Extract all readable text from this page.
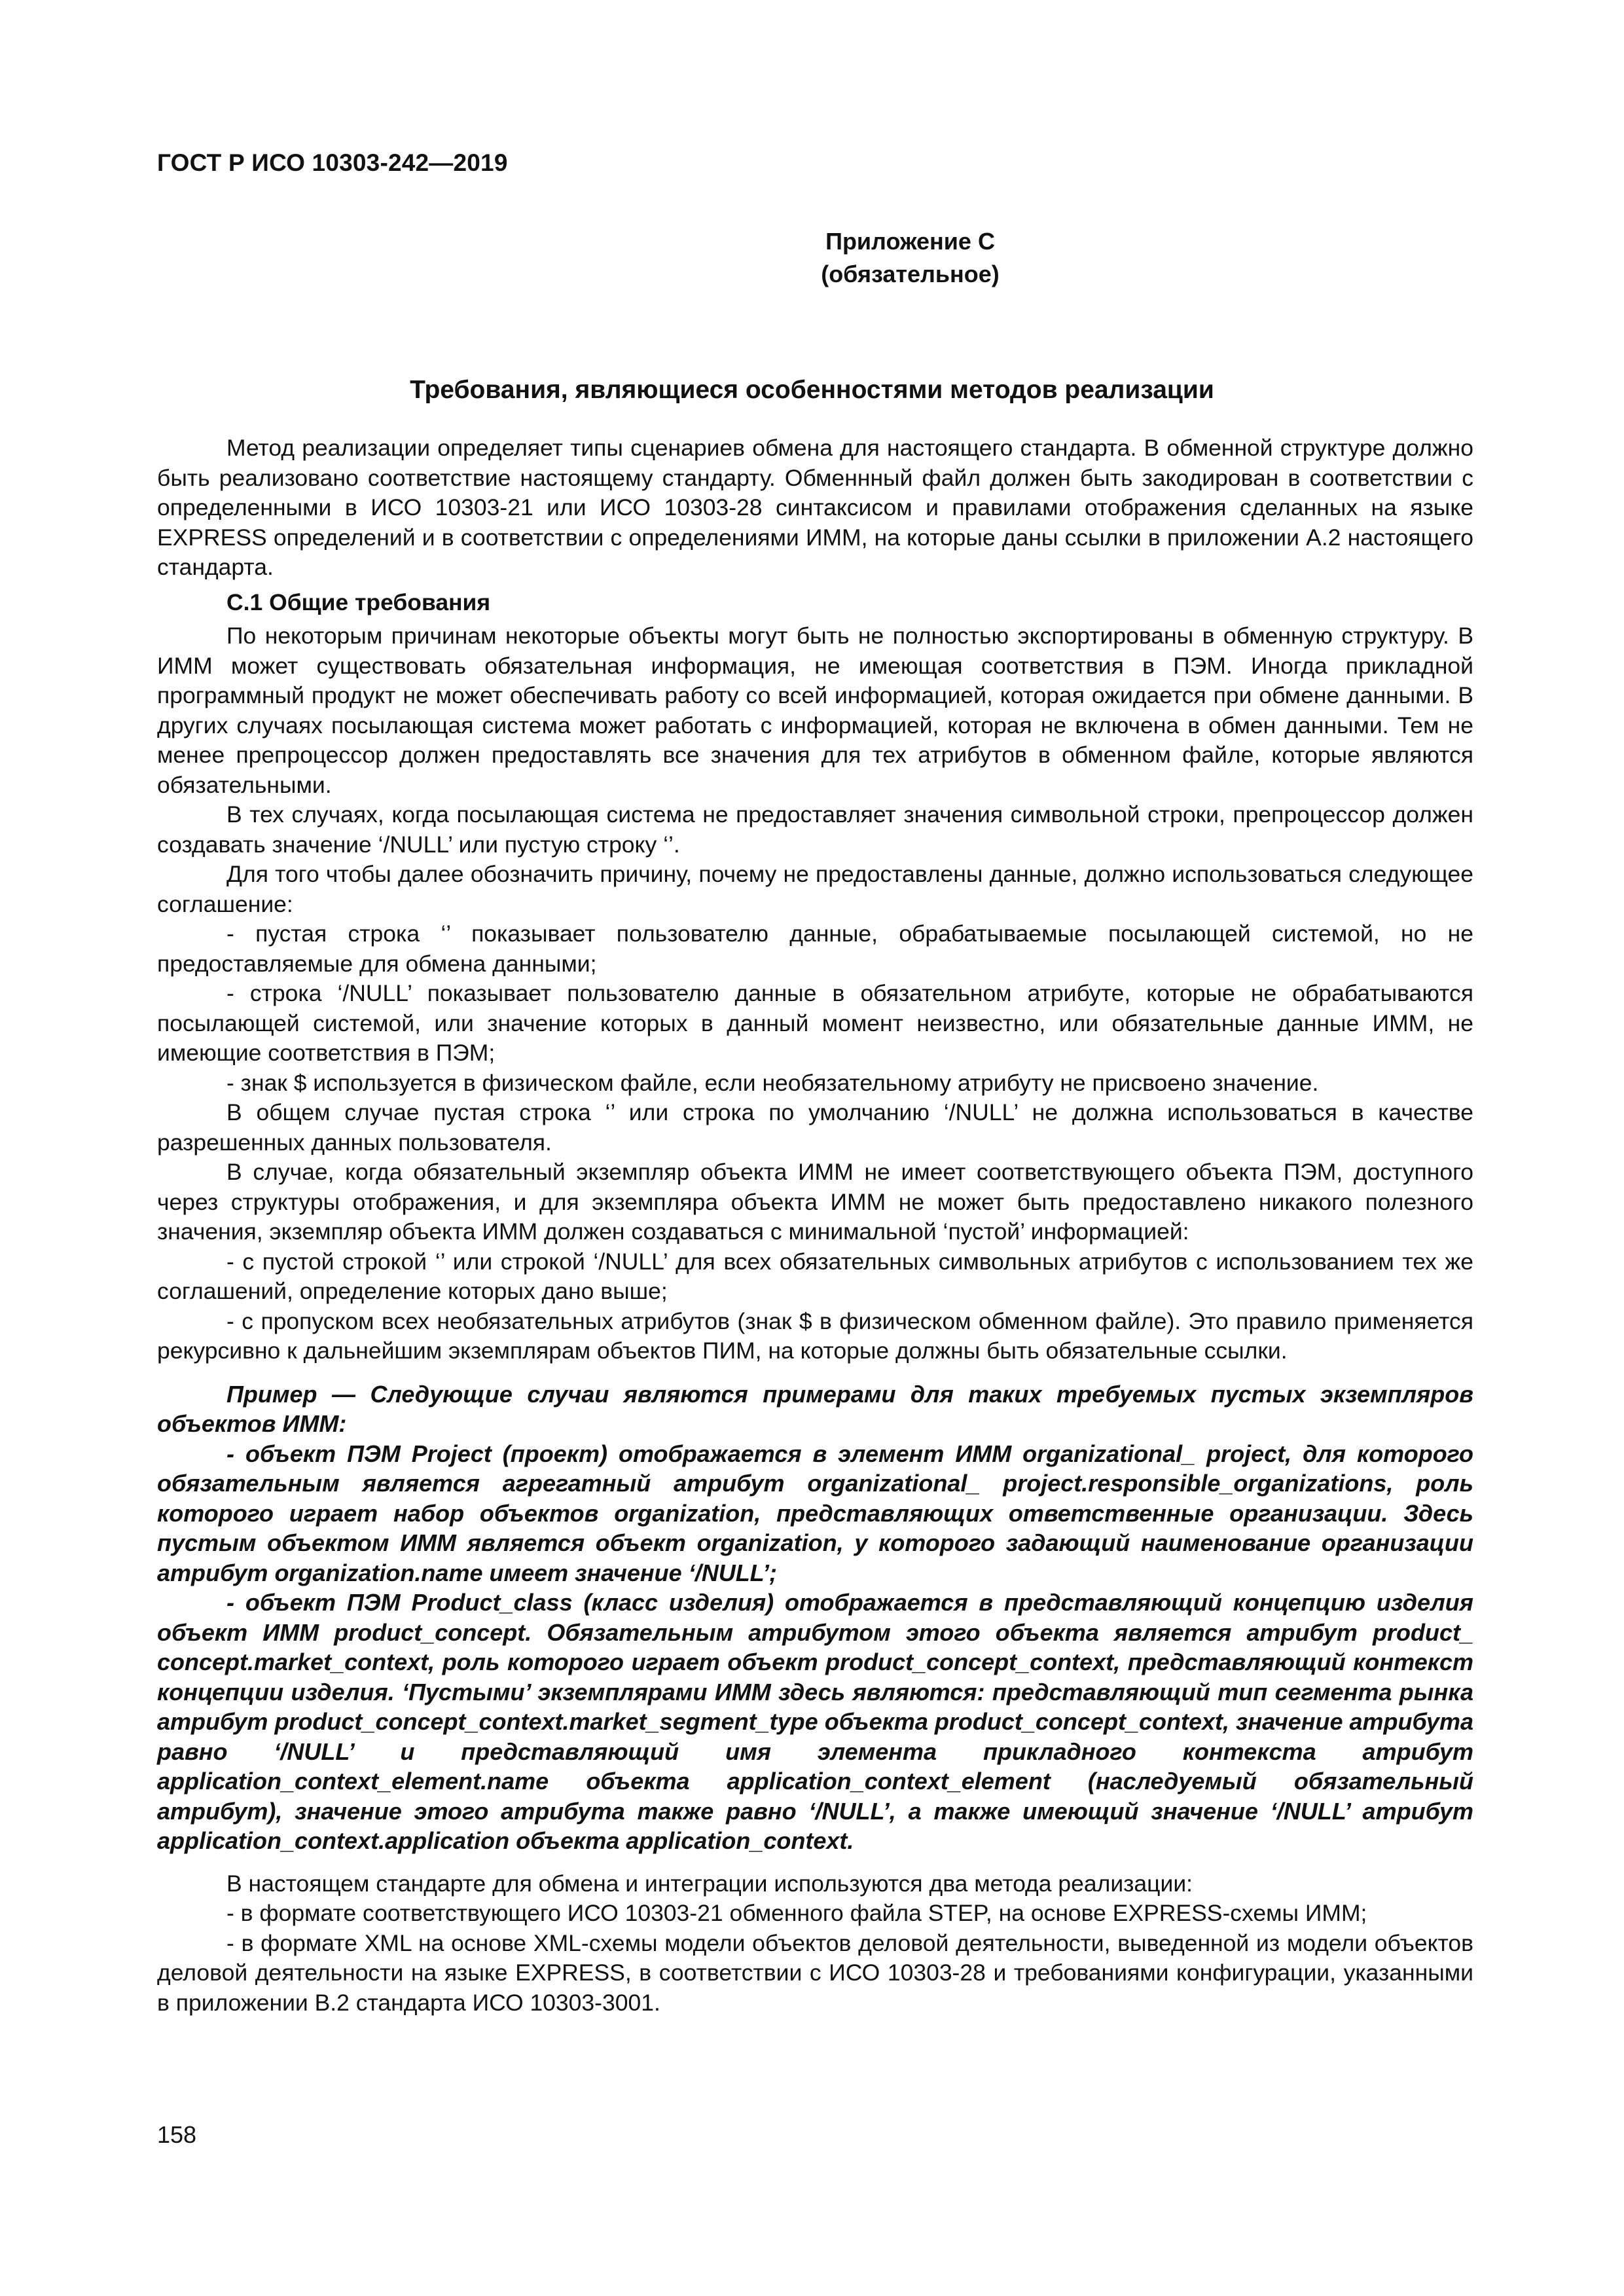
ГОСТ Р ИСО 10303-242—2019
Приложение С
(обязательное)
Требования, являющиеся особенностями методов реализации

Метод реализации определяет типы сценариев обмена для настоящего стандарта. В обменной структуре должно быть реализовано соответствие настоящему стандарту. Обменнный файл должен быть закодирован в соответствии с определенными в ИСО 10303-21 или ИСО 10303-28 синтаксисом и правилами отображения сделанных на языке EXPRESS определений и в соответствии с определениями ИММ, на которые даны ссылки в приложении А.2 настоящего стандарта.

С.1 Общие требования

По некоторым причинам некоторые объекты могут быть не полностью экспортированы в обменную структуру. В ИММ может существовать обязательная информация, не имеющая соответствия в ПЭМ. Иногда прикладной программный продукт не может обеспечивать работу со всей информацией, которая ожидается при обмене данными. В других случаях посылающая система может работать с информацией, которая не включена в обмен данными. Тем не менее препроцессор должен предоставлять все значения для тех атрибутов в обменном файле, которые являются обязательными.

В тех случаях, когда посылающая система не предоставляет значения символьной строки, препроцессор должен создавать значение ‘/NULL’ или пустую строку ‘’.

Для того чтобы далее обозначить причину, почему не предоставлены данные, должно использоваться следующее соглашение:

- пустая строка ‘’ показывает пользователю данные, обрабатываемые посылающей системой, но не предоставляемые для обмена данными;

- строка ‘/NULL’ показывает пользователю данные в обязательном атрибуте, которые не обрабатываются посылающей системой, или значение которых в данный момент неизвестно, или обязательные данные ИММ, не имеющие соответствия в ПЭМ;

- знак $ используется в физическом файле, если необязательному атрибуту не присвоено значение.

В общем случае пустая строка ‘’ или строка по умолчанию ‘/NULL’ не должна использоваться в качестве разрешенных данных пользователя.

В случае, когда обязательный экземпляр объекта ИММ не имеет соответствующего объекта ПЭМ, доступного через структуры отображения, и для экземпляра объекта ИММ не может быть предоставлено никакого полезного значения, экземпляр объекта ИММ должен создаваться с минимальной ‘пустой’ информацией:

- с пустой строкой ‘’ или строкой ‘/NULL’ для всех обязательных символьных атрибутов с использованием тех же соглашений, определение которых дано выше;

- с пропуском всех необязательных атрибутов (знак $ в физическом обменном файле). Это правило применяется рекурсивно к дальнейшим экземплярам объектов ПИМ, на которые должны быть обязательные ссылки.

Пример — Следующие случаи являются примерами для таких требуемых пустых экземпляров объектов ИММ:

- объект ПЭМ Project (проект) отображается в элемент ИММ organizational_ project, для которого обязательным является агрегатный атрибут organizational_ project.responsible_organizations, роль которого играет набор объектов organization, представляющих ответственные организации. Здесь пустым объектом ИММ является объект organization, у которого задающий наименование организации атрибут organization.name имеет значение ‘/NULL’;

- объект ПЭМ Product_class (класс изделия) отображается в представляющий концепцию изделия объект ИММ product_concept. Обязательным атрибутом этого объекта является атрибут product_ concept.market_context, роль которого играет объект product_concept_context, представляющий контекст концепции изделия. ‘Пустыми’ экземплярами ИММ здесь являются: представляющий тип сегмента рынка атрибут product_concept_context.market_segment_type объекта product_concept_context, значение атрибута равно ‘/NULL’ и представляющий имя элемента прикладного контекста атрибут application_context_element.name объекта application_context_element (наследуемый обязательный атрибут), значение этого атрибута также равно ‘/NULL’, а также имеющий значение ‘/NULL’ атрибут application_context.application объекта application_context.

В настоящем стандарте для обмена и интеграции используются два метода реализации:

- в формате соответствующего ИСО 10303-21 обменного файла STEP, на основе EXPRESS-схемы ИММ;

- в формате XML на основе XML-схемы модели объектов деловой деятельности, выведенной из модели объектов деловой деятельности на языке EXPRESS, в соответствии с ИСО 10303-28 и требованиями конфигурации, указанными в приложении В.2 стандарта ИСО 10303-3001.

158
